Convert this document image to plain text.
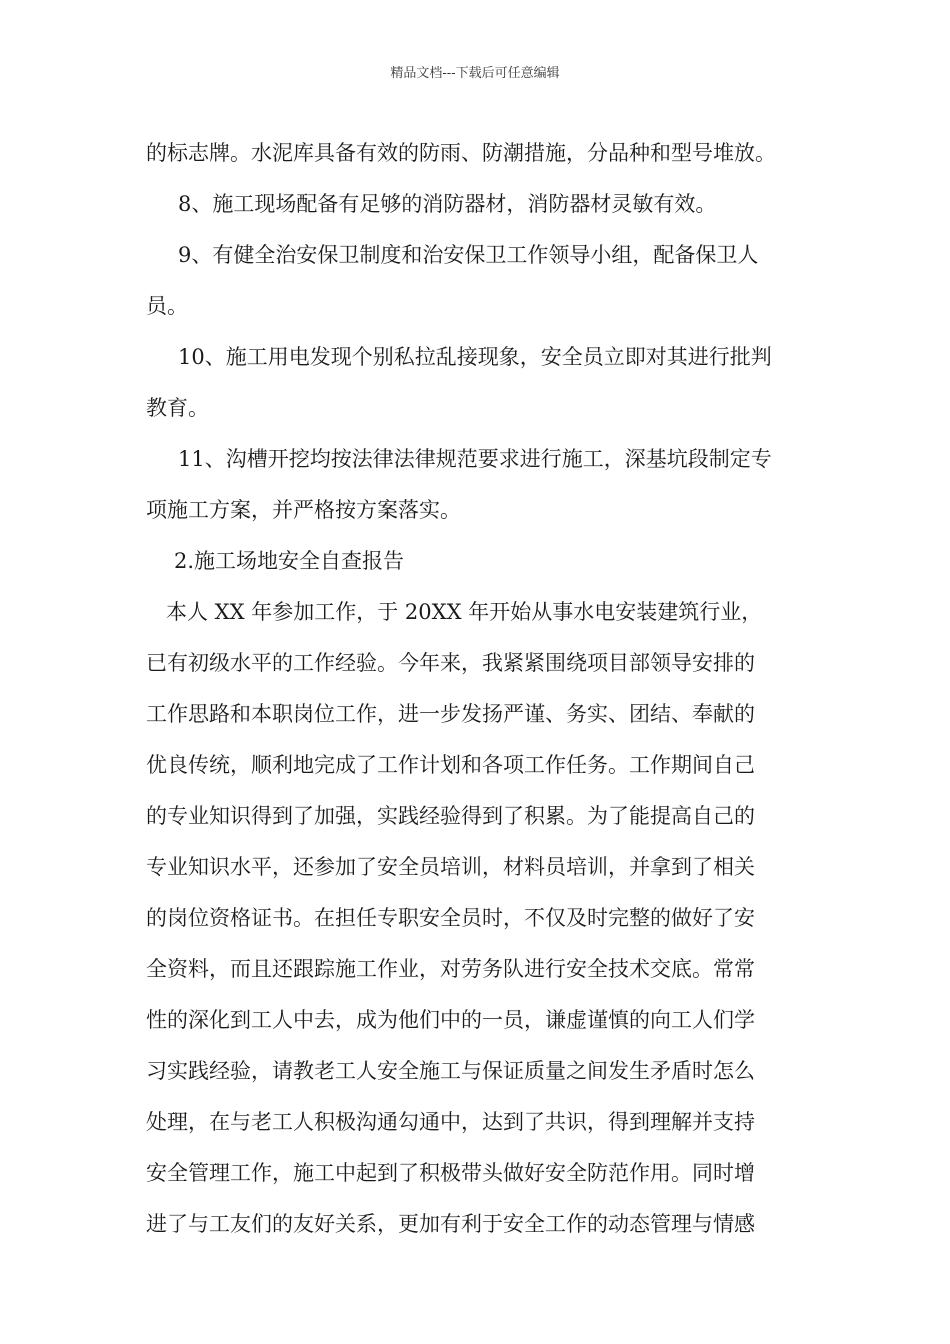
精品文档---下载后可任意编辑
的标志牌。水泥库具备有效的防雨、防潮措施，分品种和型号堆放。
8、施工现场配备有足够的消防器材，消防器材灵敏有效。
9、有健全治安保卫制度和治安保卫工作领导小组，配备保卫人
员。
10、施工用电发现个别私拉乱接现象，安全员立即对其进行批判
教育。
11、沟槽开挖均按法律法律规范要求进行施工，深基坑段制定专
项施工方案，并严格按方案落实。
2.施工场地安全自查报告
本人 XX 年参加工作，于 20XX 年开始从事水电安装建筑行业，
已有初级水平的工作经验。今年来，我紧紧围绕项目部领导安排的
工作思路和本职岗位工作，进一步发扬严谨、务实、团结、奉献的
优良传统，顺利地完成了工作计划和各项工作任务。工作期间自己
的专业知识得到了加强，实践经验得到了积累。为了能提高自己的
专业知识水平，还参加了安全员培训，材料员培训，并拿到了相关
的岗位资格证书。在担任专职安全员时，不仅及时完整的做好了安
全资料，而且还跟踪施工作业，对劳务队进行安全技术交底。常常
性的深化到工人中去，成为他们中的一员，谦虚谨慎的向工人们学
习实践经验，请教老工人安全施工与保证质量之间发生矛盾时怎么
处理，在与老工人积极沟通勾通中，达到了共识，得到理解并支持
安全管理工作，施工中起到了积极带头做好安全防范作用。同时增
进了与工友们的友好关系，更加有利于安全工作的动态管理与情感
